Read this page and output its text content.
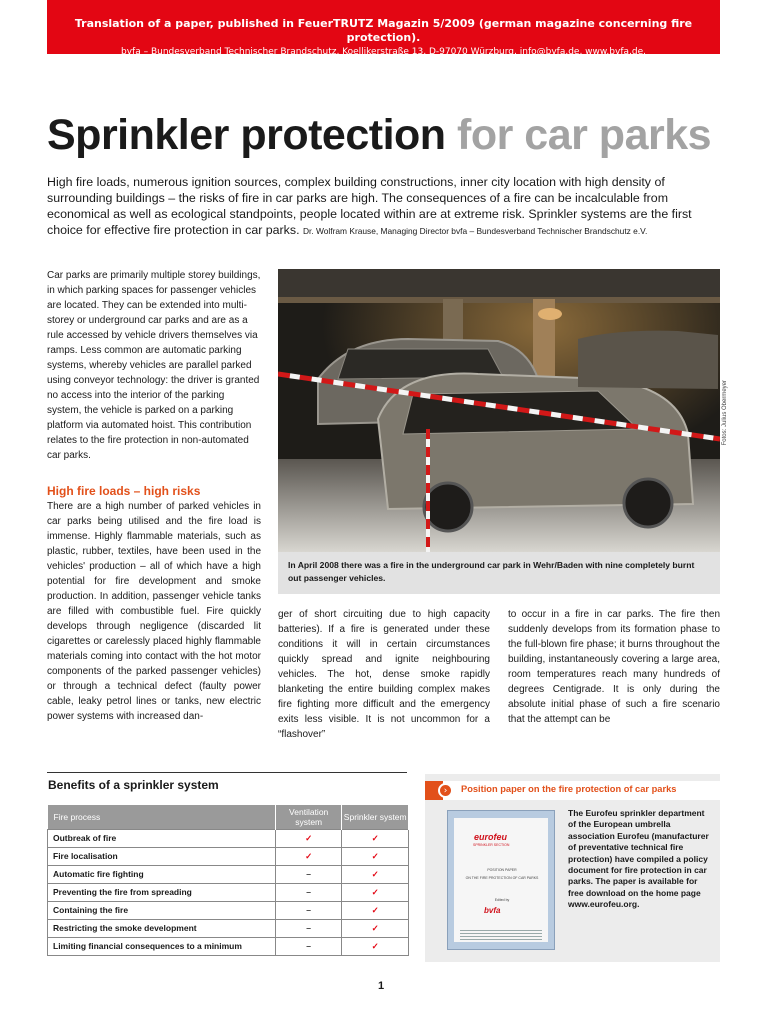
Translation of a paper, published in FeuerTRUTZ Magazin 5/2009 (german magazine concerning fire protection).
bvfa – Bundesverband Technischer Brandschutz, Koellikerstraße 13, D-97070 Würzburg, info@bvfa.de, www.bvfa.de.
Sprinkler protection for car parks

High fire loads, numerous ignition sources, complex building constructions, inner city location with high density of surrounding buildings – the risks of fire in car parks are high. The consequences of a fire can be incalculable from economical as well as ecological standpoints, people located within are at extreme risk. Sprinkler systems are the first choice for effective fire protection in car parks. Dr. Wolfram Krause, Managing Director bvfa – Bundesverband Technischer Brandschutz e.V.

Car parks are primarily multiple storey buildings, in which parking spaces for passenger vehicles are located. They can be extended into multi-storey or underground car parks and are as a rule accessed by vehicle drivers themselves via ramps. Less common are automatic parking systems, whereby vehicles are parallel parked using conveyor technology: the driver is granted no access into the interior of the parking system, the vehicle is parked on a parking platform via automated hoist. This contribution relates to the fire protection in non-automated car parks.

High fire loads – high risks

There are a high number of parked vehicles in car parks being utilised and the fire load is immense. Highly flammable materials, such as plastic, rubber, textiles, have been used in the vehicles' production – all of which have a high potential for fire development and smoke production. In addition, passenger vehicle tanks are filled with combustible fuel. Fire quickly develops through negligence (discarded lit cigarettes or carelessly placed highly flammable materials coming into contact with the hot motor components of the parked passenger vehicles) or through a technical defect (faulty power cable, leaky petrol lines or tanks, new electric power systems with increased dan-

Fotos: Julius Obermeyer

In April 2008 there was a fire in the underground car park in Wehr/Baden with nine completely burnt out passenger vehicles.

ger of short circuiting due to high capacity batteries). If a fire is generated under these conditions it will in certain circumstances quickly spread and ignite neighbouring vehicles. The hot, dense smoke rapidly blanketing the entire building complex makes fire fighting more difficult and the emergency exits less visible. It is not uncommon for a “flashover”

to occur in a fire in car parks. The fire then suddenly develops from its formation phase to the full-blown fire phase; it burns throughout the building, instantaneously covering a large area, room temperatures reach many hundreds of degrees Centigrade. It is only during the absolute initial phase of such a fire scenario that the attempt can be

Benefits of a sprinkler system
Fire process	Ventilation system	Sprinkler system
Outbreak of fire	✓	✓
Fire localisation	✓	✓
Automatic fire fighting	–	✓
Preventing the fire from spreading	–	✓
Containing the fire	–	✓
Restricting the smoke development	–	✓
Limiting financial consequences to a minimum	–	✓
›	Position paper on the fire protection of car parks
eurofeu
SPRINKLER SECTION
POSITION PAPER
ON THE FIRE PROTECTION OF CAR PARKS
Edited by
bvfa

The Eurofeu sprinkler department of the European umbrella association Eurofeu (manufacturer of preventative technical fire protection) have compiled a policy document for fire protection in car parks. The paper is available for free download on the home page www.eurofeu.org.

1
